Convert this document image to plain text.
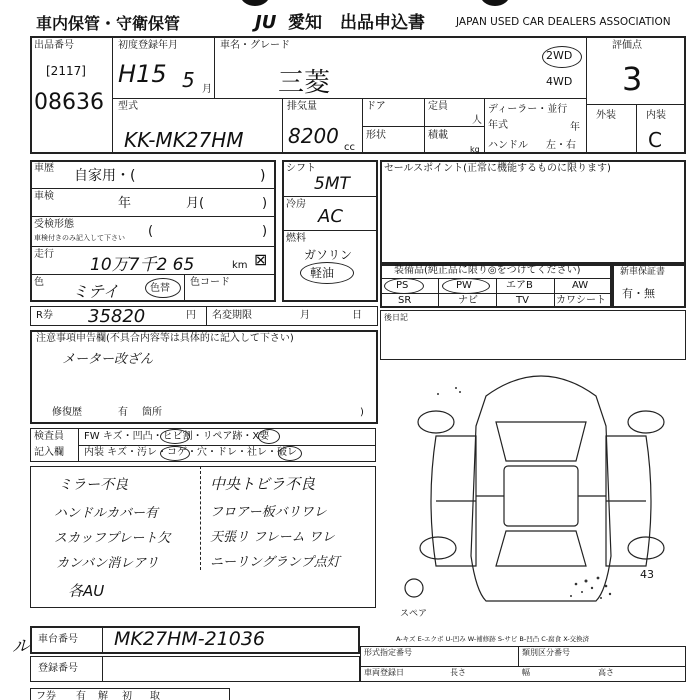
車内保管・守衛保管	JU 愛知 出品申込書	JAPAN USED CAR DEALERS ASSOCIATION
出品番号
[2117]
08636
初度登録年月
H15 5 月
車名・グレード
三菱
2WD
4WD
評価点
3
外装	内装
C
型式
KK-MK27HM
排気量
8200 cc
ドア
形状
定員
人
積載
kg
ディーラー・並行
年式	年
ハンドル 左・右
車歴 自家用・(	)
車検	年	月(	)
受検形態
車検付きのみ記入して下さい (	)
走行
10万7千2 65	km ⊠
色 ミテイ	色替
色コード
シフト
5MT
冷房
AC
燃料
ガソリン
軽油
セールスポイント(正常に機能するものに限ります)
装備品(純正品に限り◎をつけてください)
PS	PW	エアB	AW
SR	ナビ	TV	カワシート
新車保証書
有・無
R券 35820	円 名変期限	月	日	後日記
注意事項申告欄(不具合内容等は具体的に記入して下さい)
メーター改ざん
修復歴	有 箇所	)
検査員
記入欄
FW キズ・凹凸・ヒビ割・リペア跡・X要
内装 キズ・汚レ・コゲ・穴・ドレ・社レ・破レ
ミラー不良
ハンドルカバー有
スカッフプレート欠
カンバン消レアリ
各AU
中央トビラ不良
フロアー板バリワレ
天張リ フレーム ワレ
ニーリングランプ点灯
スペア
43
A-キズ E-エクボ U-凹み W-補修跡 S-サビ B-凹凸 C-腐食 X-交換済
ル 車台番号 MK27HM-21036
登録番号
形式指定番号	類別区分番号
車両登録日	長さ	幅	高さ
フ券 有 解 初 取
